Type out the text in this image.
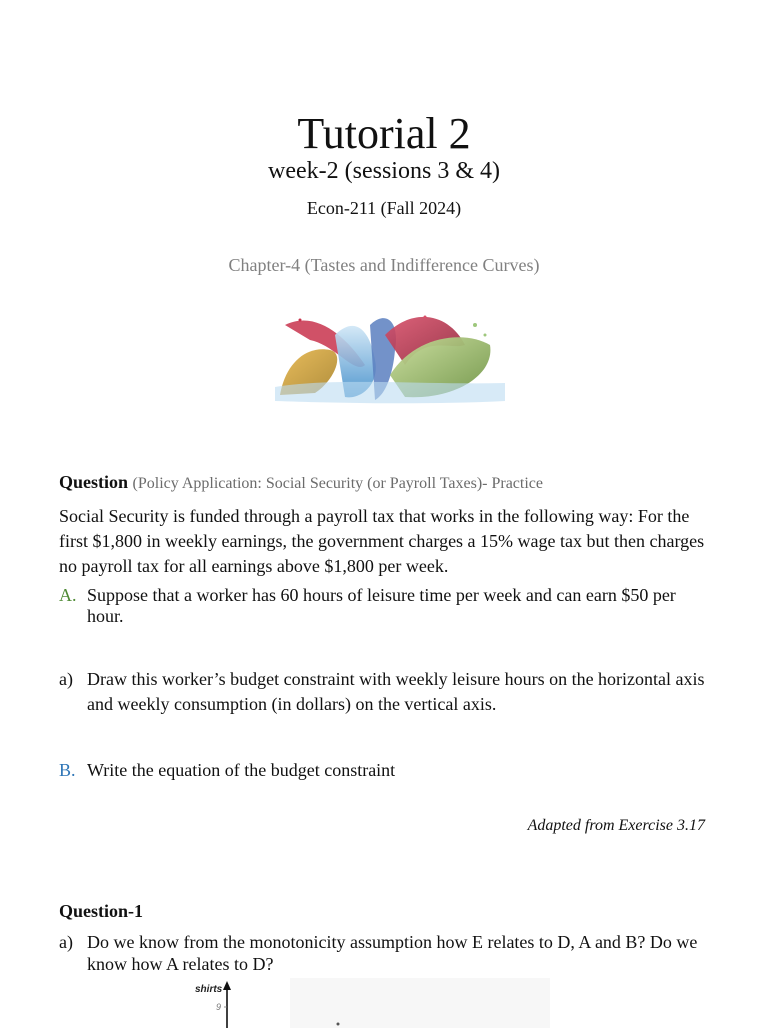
Tutorial 2
week-2 (sessions 3 & 4)
Econ-211 (Fall 2024)
Chapter-4 (Tastes and Indifference Curves)
Question (Policy Application: Social Security (or Payroll Taxes)- Practice
Social Security is funded through a payroll tax that works in the following way: For the first $1,800 in weekly earnings, the government charges a 15% wage tax but then charges no payroll tax for all earnings above $1,800 per week.
A. Suppose that a worker has 60 hours of leisure time per week and can earn $50 per hour.
a) Draw this worker’s budget constraint with weekly leisure hours on the horizontal axis and weekly consumption (in dollars) on the vertical axis.
B. Write the equation of the budget constraint
Adapted from Exercise 3.17
Question-1
a) Do we know from the monotonicity assumption how E relates to D, A and B? Do we know how A relates to D?
shirts
9
